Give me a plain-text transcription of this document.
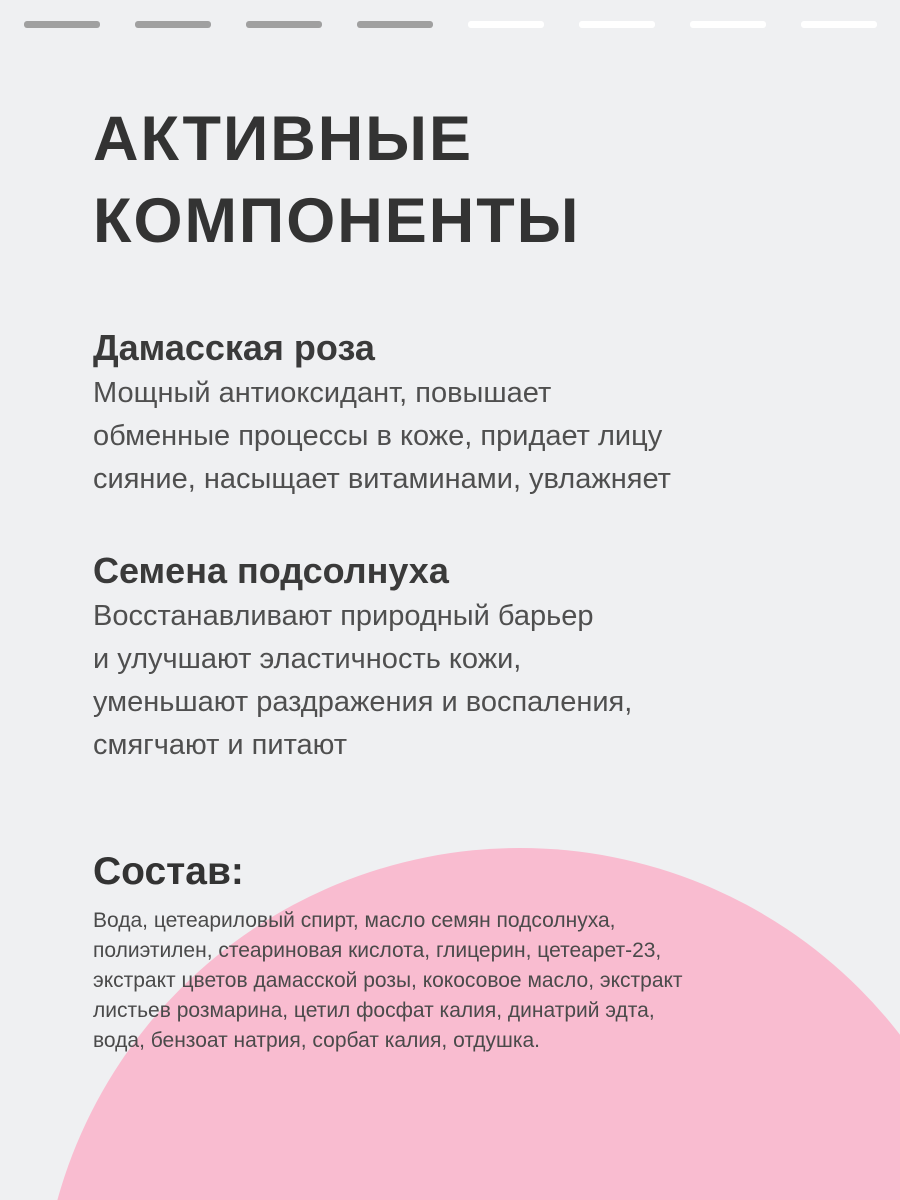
АКТИВНЫЕ
КОМПОНЕНТЫ
Дамасская роза

Мощный антиоксидант, повышает
обменные процессы в коже, придает лицу
сияние, насыщает витаминами, увлажняет

Семена подсолнуха

Восстанавливают природный барьер
и улучшают эластичность кожи,
уменьшают раздражения и воспаления,
смягчают и питают

Состав:

Вода, цетеариловый спирт, масло семян подсолнуха,
полиэтилен, стеариновая кислота, глицерин, цетеарет-23,
экстракт цветов дамасской розы, кокосовое масло, экстракт
листьев розмарина, цетил фосфат калия, динатрий эдта,
вода, бензоат натрия, сорбат калия, отдушка.
